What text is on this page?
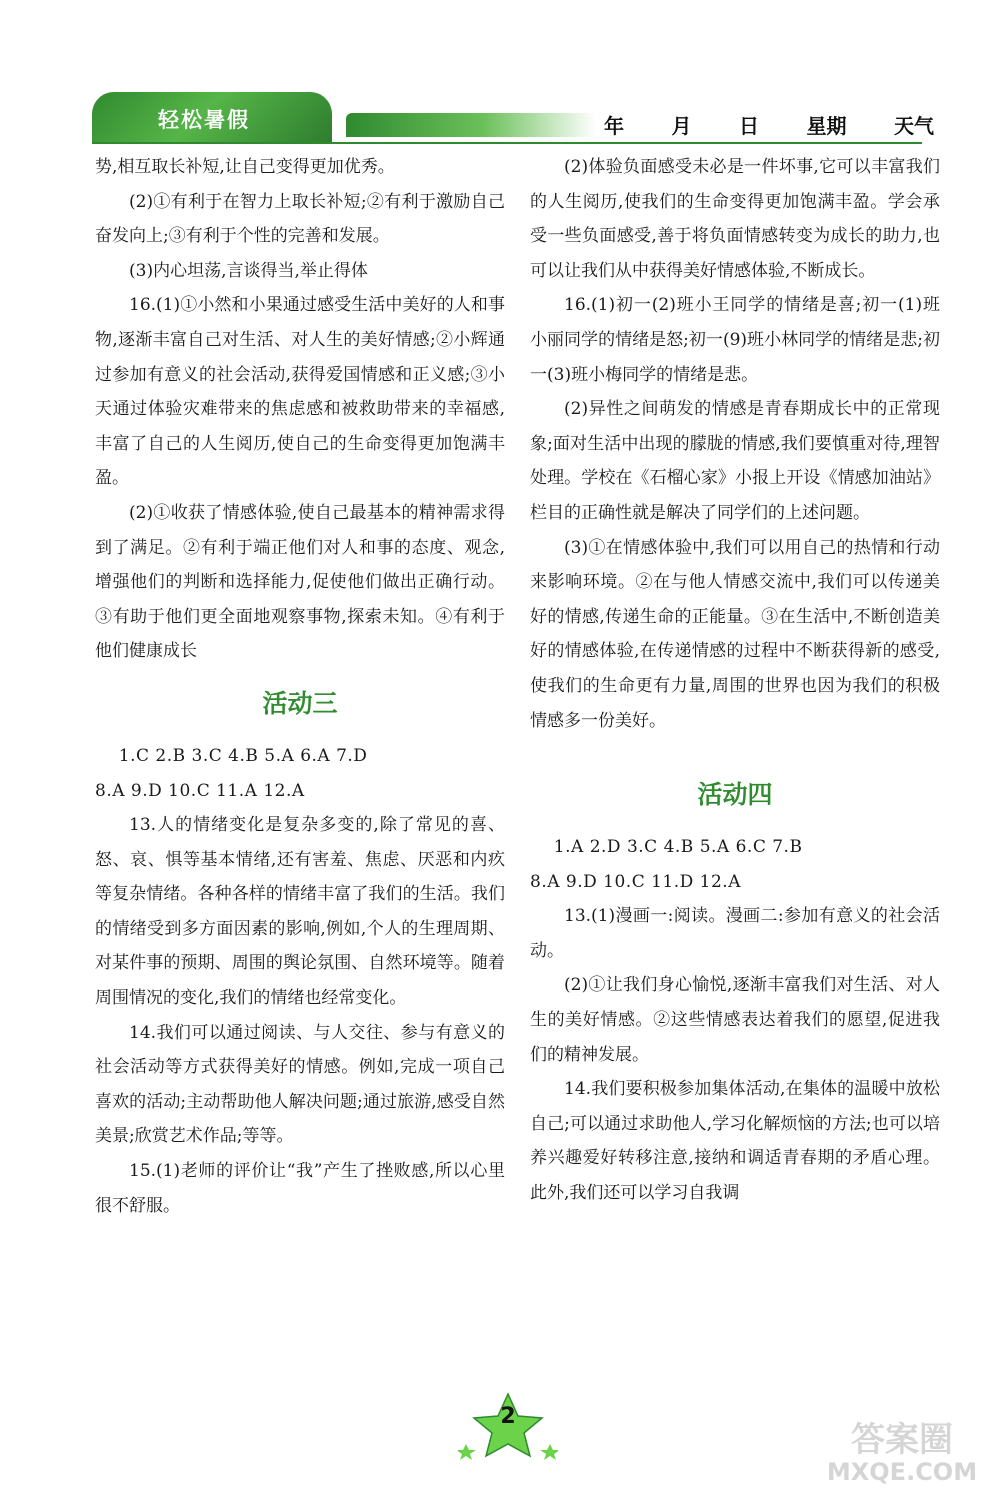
轻松暑假	年 月 日 星期 天气

势,相互取长补短,让自己变得更加优秀。

(2)①有利于在智力上取长补短;②有利于激励自己奋发向上;③有利于个性的完善和发展。

(3)内心坦荡,言谈得当,举止得体

16.(1)①小然和小果通过感受生活中美好的人和事物,逐渐丰富自己对生活、对人生的美好情感;②小辉通过参加有意义的社会活动,获得爱国情感和正义感;③小天通过体验灾难带来的焦虑感和被救助带来的幸福感,丰富了自己的人生阅历,使自己的生命变得更加饱满丰盈。

(2)①收获了情感体验,使自己最基本的精神需求得到了满足。②有利于端正他们对人和事的态度、观念,增强他们的判断和选择能力,促使他们做出正确行动。③有助于他们更全面地观察事物,探索未知。④有利于他们健康成长

活动三

1.C 2.B 3.C 4.B 5.A 6.A 7.D

8.A 9.D 10.C 11.A 12.A

13.人的情绪变化是复杂多变的,除了常见的喜、怒、哀、惧等基本情绪,还有害羞、焦虑、厌恶和内疚等复杂情绪。各种各样的情绪丰富了我们的生活。我们的情绪受到多方面因素的影响,例如,个人的生理周期、对某件事的预期、周围的舆论氛围、自然环境等。随着周围情况的变化,我们的情绪也经常变化。

14.我们可以通过阅读、与人交往、参与有意义的社会活动等方式获得美好的情感。例如,完成一项自己喜欢的活动;主动帮助他人解决问题;通过旅游,感受自然美景;欣赏艺术作品;等等。

15.(1)老师的评价让“我”产生了挫败感,所以心里很不舒服。

(2)体验负面感受未必是一件坏事,它可以丰富我们的人生阅历,使我们的生命变得更加饱满丰盈。学会承受一些负面感受,善于将负面情感转变为成长的助力,也可以让我们从中获得美好情感体验,不断成长。

16.(1)初一(2)班小王同学的情绪是喜;初一(1)班小丽同学的情绪是怒;初一(9)班小林同学的情绪是悲;初一(3)班小梅同学的情绪是悲。

(2)异性之间萌发的情感是青春期成长中的正常现象;面对生活中出现的朦胧的情感,我们要慎重对待,理智处理。学校在《石榴心家》小报上开设《情感加油站》栏目的正确性就是解决了同学们的上述问题。

(3)①在情感体验中,我们可以用自己的热情和行动来影响环境。②在与他人情感交流中,我们可以传递美好的情感,传递生命的正能量。③在生活中,不断创造美好的情感体验,在传递情感的过程中不断获得新的感受,使我们的生命更有力量,周围的世界也因为我们的积极情感多一份美好。

活动四

1.A 2.D 3.C 4.B 5.A 6.C 7.B

8.A 9.D 10.C 11.D 12.A

13.(1)漫画一:阅读。漫画二:参加有意义的社会活动。

(2)①让我们身心愉悦,逐渐丰富我们对生活、对人生的美好情感。②这些情感表达着我们的愿望,促进我们的精神发展。

14.我们要积极参加集体活动,在集体的温暖中放松自己;可以通过求助他人,学习化解烦恼的方法;也可以培养兴趣爱好转移注意,接纳和调适青春期的矛盾心理。此外,我们还可以学习自我调

2
答案圈
MXQE.COM
